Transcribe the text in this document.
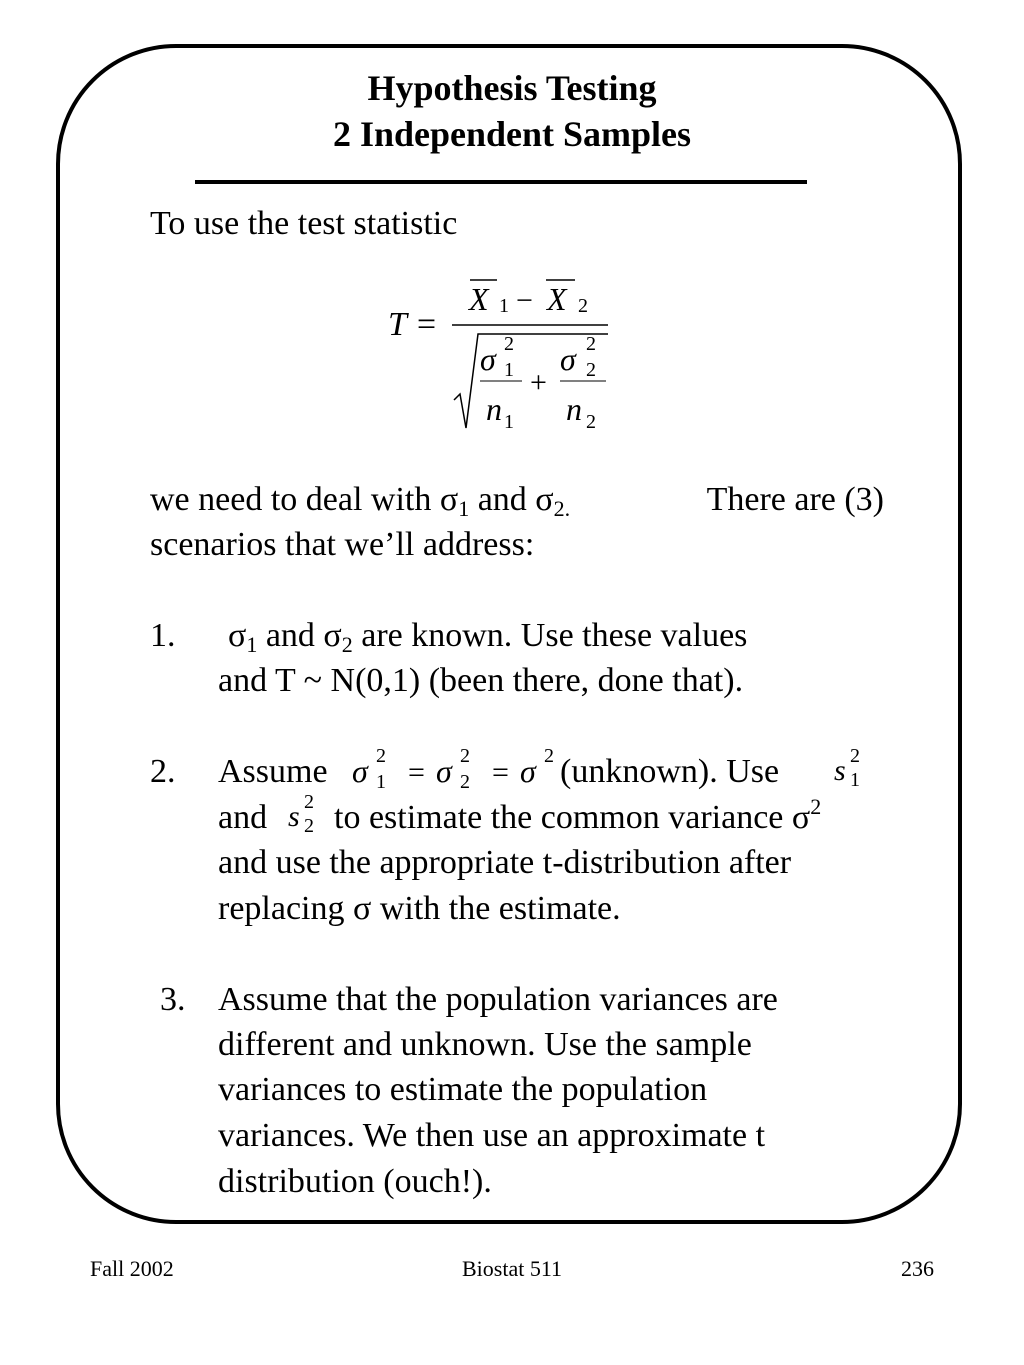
Hypothesis Testing
2 Independent Samples
To use the test statistic
T =
X 1 − X 2
σ 2
1
n 1
+
σ 2
2
n 2
we need to deal with $\sigma_1$ and $\sigma_{2.}$	There are (3)
scenarios that we’ll address:
1. $\sigma_1$ and $\sigma_2$ are known. Use these values
and T ~ N(0,1) (been there, done that).
2. Assume σ 2
1 = σ 2
2 = σ 2 (unknown). Use s 2
1
and s 2
2 to estimate the common variance $\sigma^2$
and use the appropriate t-distribution after
replacing σ with the estimate.
3. Assume that the population variances are
different and unknown. Use the sample
variances to estimate the population
variances. We then use an approximate t
distribution (ouch!).
Fall 2002	Biostat 511	236
